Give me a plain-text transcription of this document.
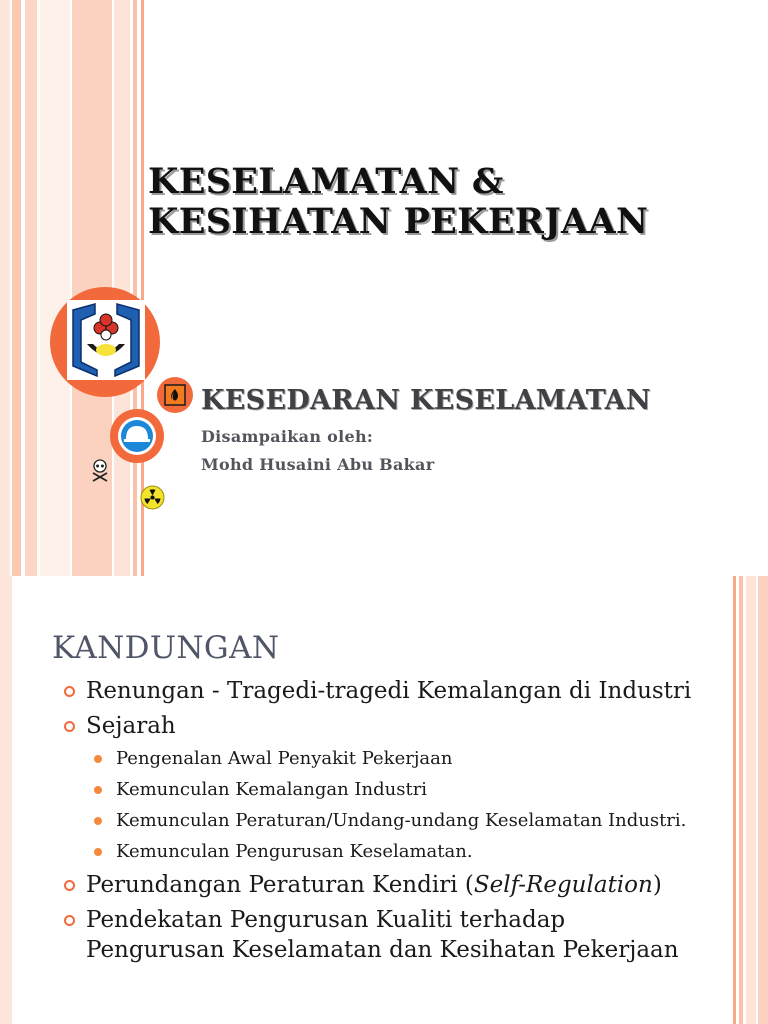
KESELAMATAN &
KESIHATAN PEKERJAAN
KESEDARAN KESELAMATAN
Disampaikan oleh:
Mohd Husaini Abu Bakar
KANDUNGAN
Renungan - Tragedi-tragedi Kemalangan di Industri
Sejarah
Pengenalan Awal Penyakit Pekerjaan
Kemunculan Kemalangan Industri
Kemunculan Peraturan/Undang-undang Keselamatan Industri.
Kemunculan Pengurusan Keselamatan.
Perundangan Peraturan Kendiri (Self-Regulation)
Pendekatan Pengurusan Kualiti terhadap
Pengurusan Keselamatan dan Kesihatan Pekerjaan
